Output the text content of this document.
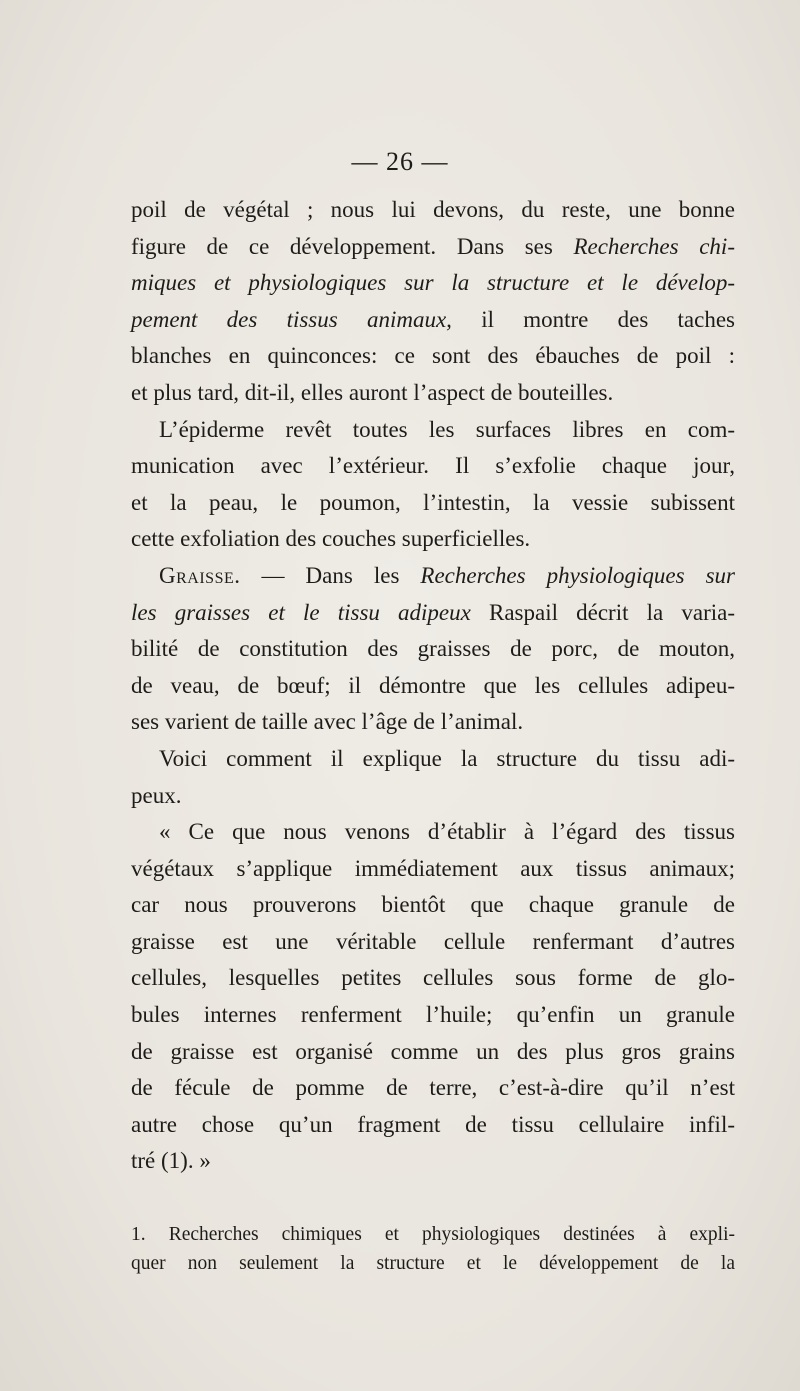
— 26 —
poil de végétal ; nous lui devons, du reste, une bonne
figure de ce développement. Dans ses Recherches chi-
miques et physiologiques sur la structure et le dévelop-
pement des tissus animaux, il montre des taches
blanches en quinconces: ce sont des ébauches de poil :
et plus tard, dit-il, elles auront l’aspect de bouteilles.
L’épiderme revêt toutes les surfaces libres en com-
munication avec l’extérieur. Il s’exfolie chaque jour,
et la peau, le poumon, l’intestin, la vessie subissent
cette exfoliation des couches superficielles.
Graisse. — Dans les Recherches physiologiques sur
les graisses et le tissu adipeux Raspail décrit la varia-
bilité de constitution des graisses de porc, de mouton,
de veau, de bœuf; il démontre que les cellules adipeu-
ses varient de taille avec l’âge de l’animal.
Voici comment il explique la structure du tissu adi-
peux.
« Ce que nous venons d’établir à l’égard des tissus
végétaux s’applique immédiatement aux tissus animaux;
car nous prouverons bientôt que chaque granule de
graisse est une véritable cellule renfermant d’autres
cellules, lesquelles petites cellules sous forme de glo-
bules internes renferment l’huile; qu’enfin un granule
de graisse est organisé comme un des plus gros grains
de fécule de pomme de terre, c’est-à-dire qu’il n’est
autre chose qu’un fragment de tissu cellulaire infil-
tré (1). »
1. Recherches chimiques et physiologiques destinées à expli-
quer non seulement la structure et le développement de la
